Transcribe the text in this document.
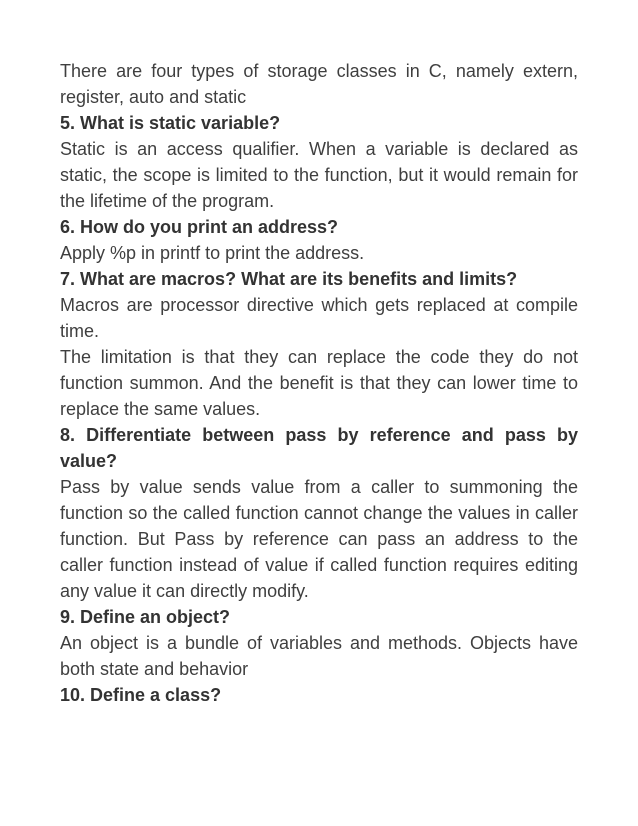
There are four types of storage classes in C, namely extern, register, auto and static

5. What is static variable?

Static is an access qualifier. When a variable is declared as static, the scope is limited to the function, but it would remain for the lifetime of the program.

6. How do you print an address?

Apply %p in printf to print the address.

7. What are macros? What are its benefits and limits?

Macros are processor directive which gets replaced at compile time.

The limitation is that they can replace the code they do not function summon. And the benefit is that they can lower time to replace the same values.

8. Differentiate between pass by reference and pass by value?

Pass by value sends value from a caller to summoning the function so the called function cannot change the values in caller function. But Pass by reference can pass an address to the caller function instead of value if called function requires editing any value it can directly modify.

9. Define an object?

An object is a bundle of variables and methods. Objects have both state and behavior

10. Define a class?
